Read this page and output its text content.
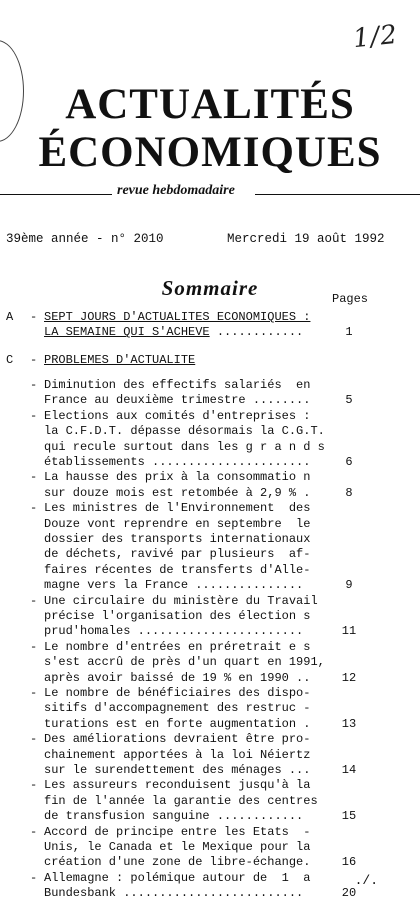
1/2
ACTUALITÉS
ÉCONOMIQUES
revue hebdomadaire
39ème année - n° 2010	Mercredi 19 août 1992
Sommaire	Pages
A - SEPT JOURS D'ACTUALITES ECONOMIQUES :
LA SEMAINE QUI S'ACHEVE ............	1
C - PROBLEMES D'ACTUALITE
- Diminution des effectifs salariés  en
France au deuxième trimestre ........	5
- Elections aux comités d'entreprises :
la C.F.D.T. dépasse désormais la C.G.T.
qui recule surtout dans les g r a n d s
établissements ......................	6
- La hausse des prix à la consommatio n
sur douze mois est retombée à 2,9 % .	8
- Les ministres de l'Environnement  des
Douze vont reprendre en septembre  le
dossier des transports internationaux
de déchets, ravivé par plusieurs  af-
faires récentes de transferts d'Alle-
magne vers la France ...............	9
- Une circulaire du ministère du Travail
précise l'organisation des élection s
prud'homales .......................	11
- Le nombre d'entrées en préretrait e s
s'est accrû de près d'un quart en 1991,
après avoir baissé de 19 % en 1990 ..	12
- Le nombre de bénéficiaires des dispo-
sitifs d'accompagnement des restruc -
turations est en forte augmentation .	13
- Des améliorations devraient être pro-
chainement apportées à la loi Néiertz
sur le surendettement des ménages ...	14
- Les assureurs reconduisent jusqu'à la
fin de l'année la garantie des centres
de transfusion sanguine ............	15
- Accord de principe entre les Etats  -
Unis, le Canada et le Mexique pour la
création d'une zone de libre-échange.	16
- Allemagne : polémique autour de  1  a
Bundesbank .........................	20
./.
